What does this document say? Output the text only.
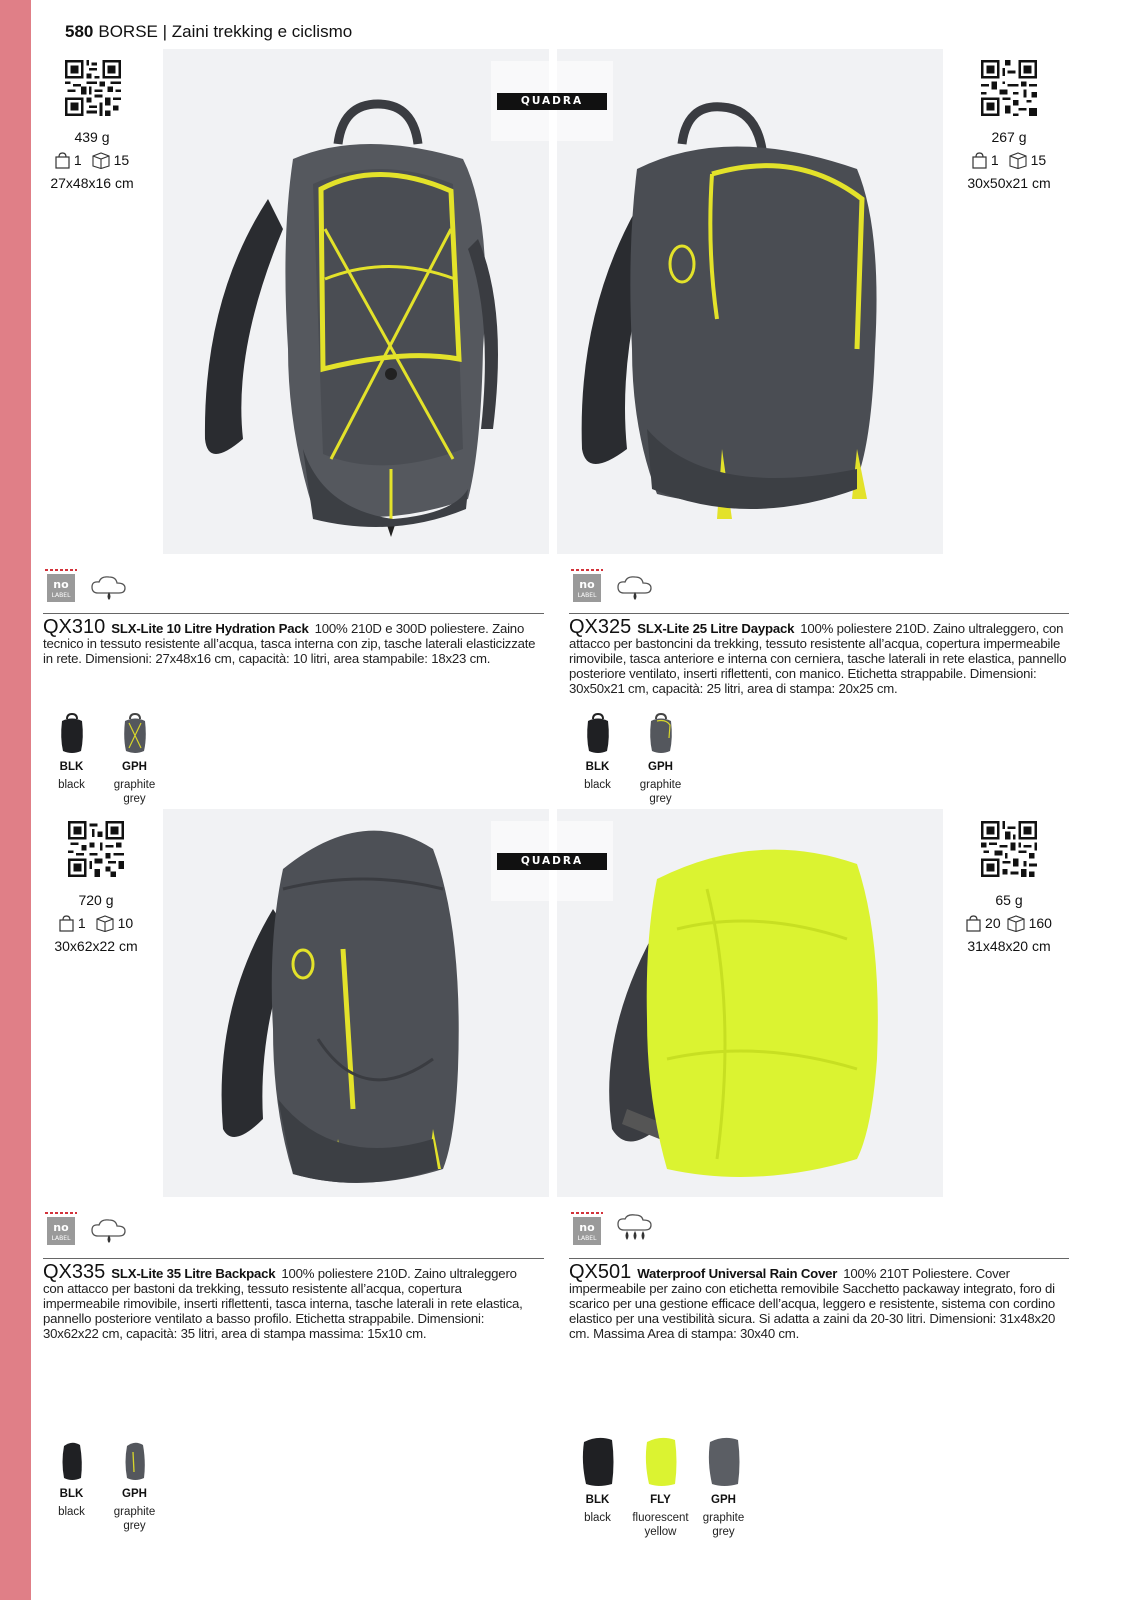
580 BORSE | Zaini trekking e ciclismo
QUADRA
QUADRA
439 g
1 15
27x48x16 cm
267 g
1 15
30x50x21 cm
720 g
1 10
30x62x22 cm
65 g
20 160
31x48x20 cm
no
LABEL
no
LABEL
no
LABEL
no
LABEL
QX310 SLX-Lite 10 Litre Hydration Pack 100% 210D e 300D poliestere. Zaino tecnico in tessuto resistente all’acqua, tasca interna con zip, tasche laterali elasticizzate in rete. Dimensioni: 27x48x16 cm, capacità: 10 litri, area stampabile: 18x23 cm.
QX325 SLX-Lite 25 Litre Daypack 100% poliestere 210D. Zaino ultraleggero, con attacco per bastoncini da trekking, tessuto resistente all’acqua, copertura impermeabile rimovibile, tasca anteriore e interna con cerniera, tasche laterali in rete elastica, pannello posteriore ventilato, inserti riflettenti, con manico. Etichetta strappabile. Dimensioni: 30x50x21 cm, capacità: 25 litri, area di stampa: 20x25 cm.
QX335 SLX-Lite 35 Litre Backpack 100% poliestere 210D. Zaino ultraleggero con attacco per bastoni da trekking, tessuto resistente all’acqua, copertura impermeabile rimovibile, inserti riflettenti, tasca interna, tasche laterali in rete elastica, pannello posteriore ventilato a basso profilo. Etichetta strappabile. Dimensioni: 30x62x22 cm, capacità: 35 litri, area di stampa massima: 15x10 cm.
QX501 Waterproof Universal Rain Cover 100% 210T Poliestere. Cover impermeabile per zaino con etichetta removibile Sacchetto packaway integrato, foro di scarico per una gestione efficace dell’acqua, leggero e resistente, sistema con cordino elastico per una vestibilità sicura. Si adatta a zaini da 20-30 litri. Dimensioni: 31x48x20 cm. Massima Area di stampa: 30x40 cm.
BLK
black
GPH
graphite grey
BLK
black
GPH
graphite grey
BLK
black
GPH
graphite grey
BLK
black
FLY
fluorescent yellow
GPH
graphite grey
